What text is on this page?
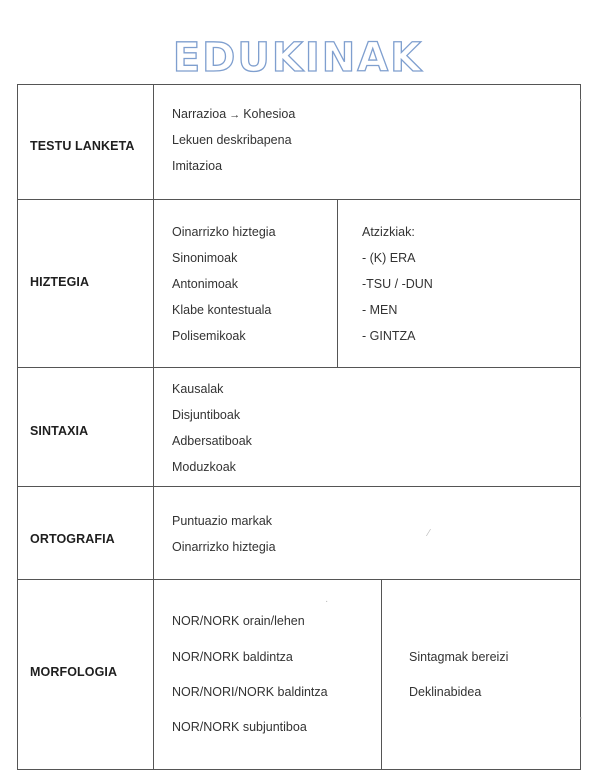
EDUKINAK
TESTU LANKETA
Narrazioa → Kohesioa
Lekuen deskribapena
Imitazioa
HIZTEGIA
Oinarrizko hiztegia
Sinonimoak
Antonimoak
Klabe kontestuala
Polisemikoak
Atzizkiak:
- (K) ERA
-TSU / -DUN
- MEN
- GINTZA
SINTAXIA
Kausalak
Disjuntiboak
Adbersatiboak
Moduzkoak
ORTOGRAFIA
Puntuazio markak
Oinarrizko hiztegia
MORFOLOGIA
NOR/NORK orain/lehen
NOR/NORK baldintza
NOR/NORI/NORK baldintza
NOR/NORK subjuntiboa
Sintagmak bereizi
Deklinabidea
'
⁄
·
'
